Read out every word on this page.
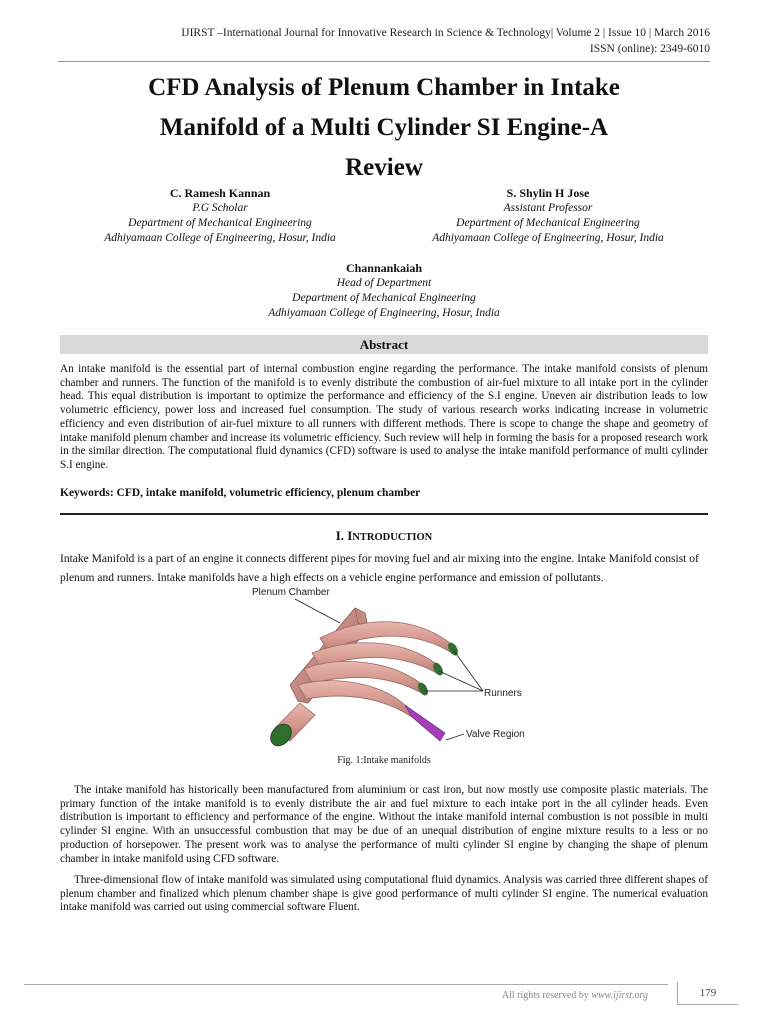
IJIRST –International Journal for Innovative Research in Science & Technology| Volume 2 | Issue 10 | March 2016
ISSN (online): 2349-6010
CFD Analysis of Plenum Chamber in Intake
Manifold of a Multi Cylinder SI Engine-A
Review
C. Ramesh Kannan
P.G Scholar
Department of Mechanical Engineering
Adhiyamaan College of Engineering, Hosur, India
S. Shylin H Jose
Assistant Professor
Department of Mechanical Engineering
Adhiyamaan College of Engineering, Hosur, India
Channankaiah
Head of Department
Department of Mechanical Engineering
Adhiyamaan College of Engineering, Hosur, India
Abstract
An intake manifold is the essential part of internal combustion engine regarding the performance. The intake manifold consists of plenum chamber and runners. The function of the manifold is to evenly distribute the combustion of air-fuel mixture to all intake port in the cylinder head. This equal distribution is important to optimize the performance and efficiency of the S.I engine. Uneven air distribution leads to low volumetric efficiency, power loss and increased fuel consumption. The study of various research works indicating increase in volumetric efficiency and even distribution of air-fuel mixture to all runners with different methods. There is scope to change the shape and geometry of intake manifold plenum chamber and increase its volumetric efficiency. Such review will help in forming the basis for a proposed research work in the similar direction. The computational fluid dynamics (CFD) software is used to analyse the intake manifold performance of multi cylinder S.I engine.
Keywords: CFD, intake manifold, volumetric efficiency, plenum chamber
I. INTRODUCTION
Intake Manifold is a part of an engine it connects different pipes for moving fuel and air mixing into the engine. Intake Manifold consist of plenum and runners. Intake manifolds have a high effects on a vehicle engine performance and emission of pollutants.
Plenum Chamber
Runners
Valve Region
Fig. 1:Intake manifolds
The intake manifold has historically been manufactured from aluminium or cast iron, but now mostly use composite plastic materials. The primary function of the intake manifold is to evenly distribute the air and fuel mixture to each intake port in the all cylinder heads. Even distribution is important to efficiency and performance of the engine. Without the intake manifold internal combustion is not possible in multi cylinder SI engine. With an unsuccessful combustion that may be due of an unequal distribution of engine mixture results to a less or no production of horsepower. The present work was to analyse the performance of multi cylinder SI engine by changing the shape of plenum chamber in intake manifold using CFD software.
Three-dimensional flow of intake manifold was simulated using computational fluid dynamics. Analysis was carried three different shapes of plenum chamber and finalized which plenum chamber shape is give good performance of multi cylinder SI engine. The numerical evaluation intake manifold was carried out using commercial software Fluent.
All rights reserved by www.ijirst.org	179
